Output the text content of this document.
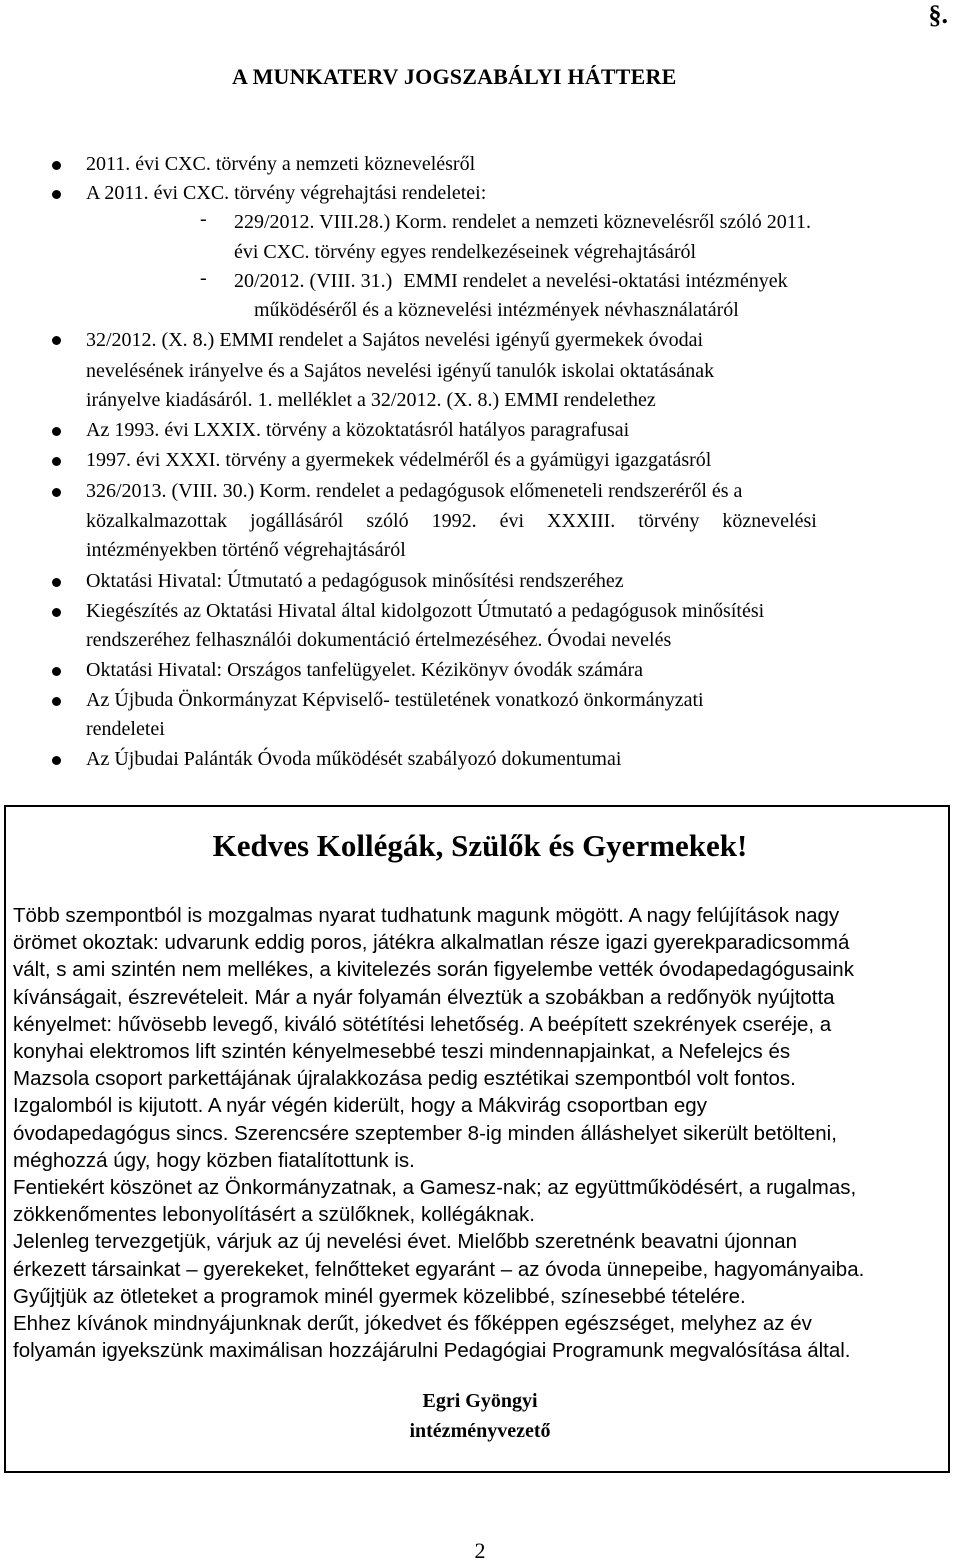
§.
A MUNKATERV JOGSZABÁLYI HÁTTERE
2011. évi CXC. törvény a nemzeti köznevelésről
A 2011. évi CXC. törvény végrehajtási rendeletei:
- 229/2012. VIII.28.) Korm. rendelet a nemzeti köznevelésről szóló 2011.
évi CXC. törvény egyes rendelkezéseinek végrehajtásáról
- 20/2012. (VIII. 31.) EMMI rendelet a nevelési-oktatási intézmények
működéséről és a köznevelési intézmények névhasználatáról
32/2012. (X. 8.) EMMI rendelet a Sajátos nevelési igényű gyermekek óvodai
nevelésének irányelve és a Sajátos nevelési igényű tanulók iskolai oktatásának
irányelve kiadásáról. 1. melléklet a 32/2012. (X. 8.) EMMI rendelethez
Az 1993. évi LXXIX. törvény a közoktatásról hatályos paragrafusai
1997. évi XXXI. törvény a gyermekek védelméről és a gyámügyi igazgatásról
326/2013. (VIII. 30.) Korm. rendelet a pedagógusok előmeneteli rendszeréről és a
közalkalmazottak jogállásáról szóló 1992. évi XXXIII. törvény köznevelési
intézményekben történő végrehajtásáról
Oktatási Hivatal: Útmutató a pedagógusok minősítési rendszeréhez
Kiegészítés az Oktatási Hivatal által kidolgozott Útmutató a pedagógusok minősítési
rendszeréhez felhasználói dokumentáció értelmezéséhez. Óvodai nevelés
Oktatási Hivatal: Országos tanfelügyelet. Kézikönyv óvodák számára
Az Újbuda Önkormányzat Képviselő- testületének vonatkozó önkormányzati
rendeletei
Az Újbudai Palánták Óvoda működését szabályozó dokumentumai
Kedves Kollégák, Szülők és Gyermekek!
Több szempontból is mozgalmas nyarat tudhatunk magunk mögött. A nagy felújítások nagy
örömet okoztak: udvarunk eddig poros, játékra alkalmatlan része igazi gyerekparadicsommá
vált, s ami szintén nem mellékes, a kivitelezés során figyelembe vették óvodapedagógusaink
kívánságait, észrevételeit. Már a nyár folyamán élveztük a szobákban a redőnyök nyújtotta
kényelmet: hűvösebb levegő, kiváló sötétítési lehetőség. A beépített szekrények cseréje, a
konyhai elektromos lift szintén kényelmesebbé teszi mindennapjainkat, a Nefelejcs és
Mazsola csoport parkettájának újralakkozása pedig esztétikai szempontból volt fontos.
Izgalomból is kijutott. A nyár végén kiderült, hogy a Mákvirág csoportban egy
óvodapedagógus sincs. Szerencsére szeptember 8-ig minden álláshelyet sikerült betölteni,
méghozzá úgy, hogy közben fiatalítottunk is.
Fentiekért köszönet az Önkormányzatnak, a Gamesz-nak; az együttműködésért, a rugalmas,
zökkenőmentes lebonyolításért a szülőknek, kollégáknak.
Jelenleg tervezgetjük, várjuk az új nevelési évet. Mielőbb szeretnénk beavatni újonnan
érkezett társainkat – gyerekeket, felnőtteket egyaránt – az óvoda ünnepeibe, hagyományaiba.
Gyűjtjük az ötleteket a programok minél gyermek közelibbé, színesebbé tételére.
Ehhez kívánok mindnyájunknak derűt, jókedvet és főképpen egészséget, melyhez az év
folyamán igyekszünk maximálisan hozzájárulni Pedagógiai Programunk megvalósítása által.
Egri Gyöngyi
intézményvezető
2
